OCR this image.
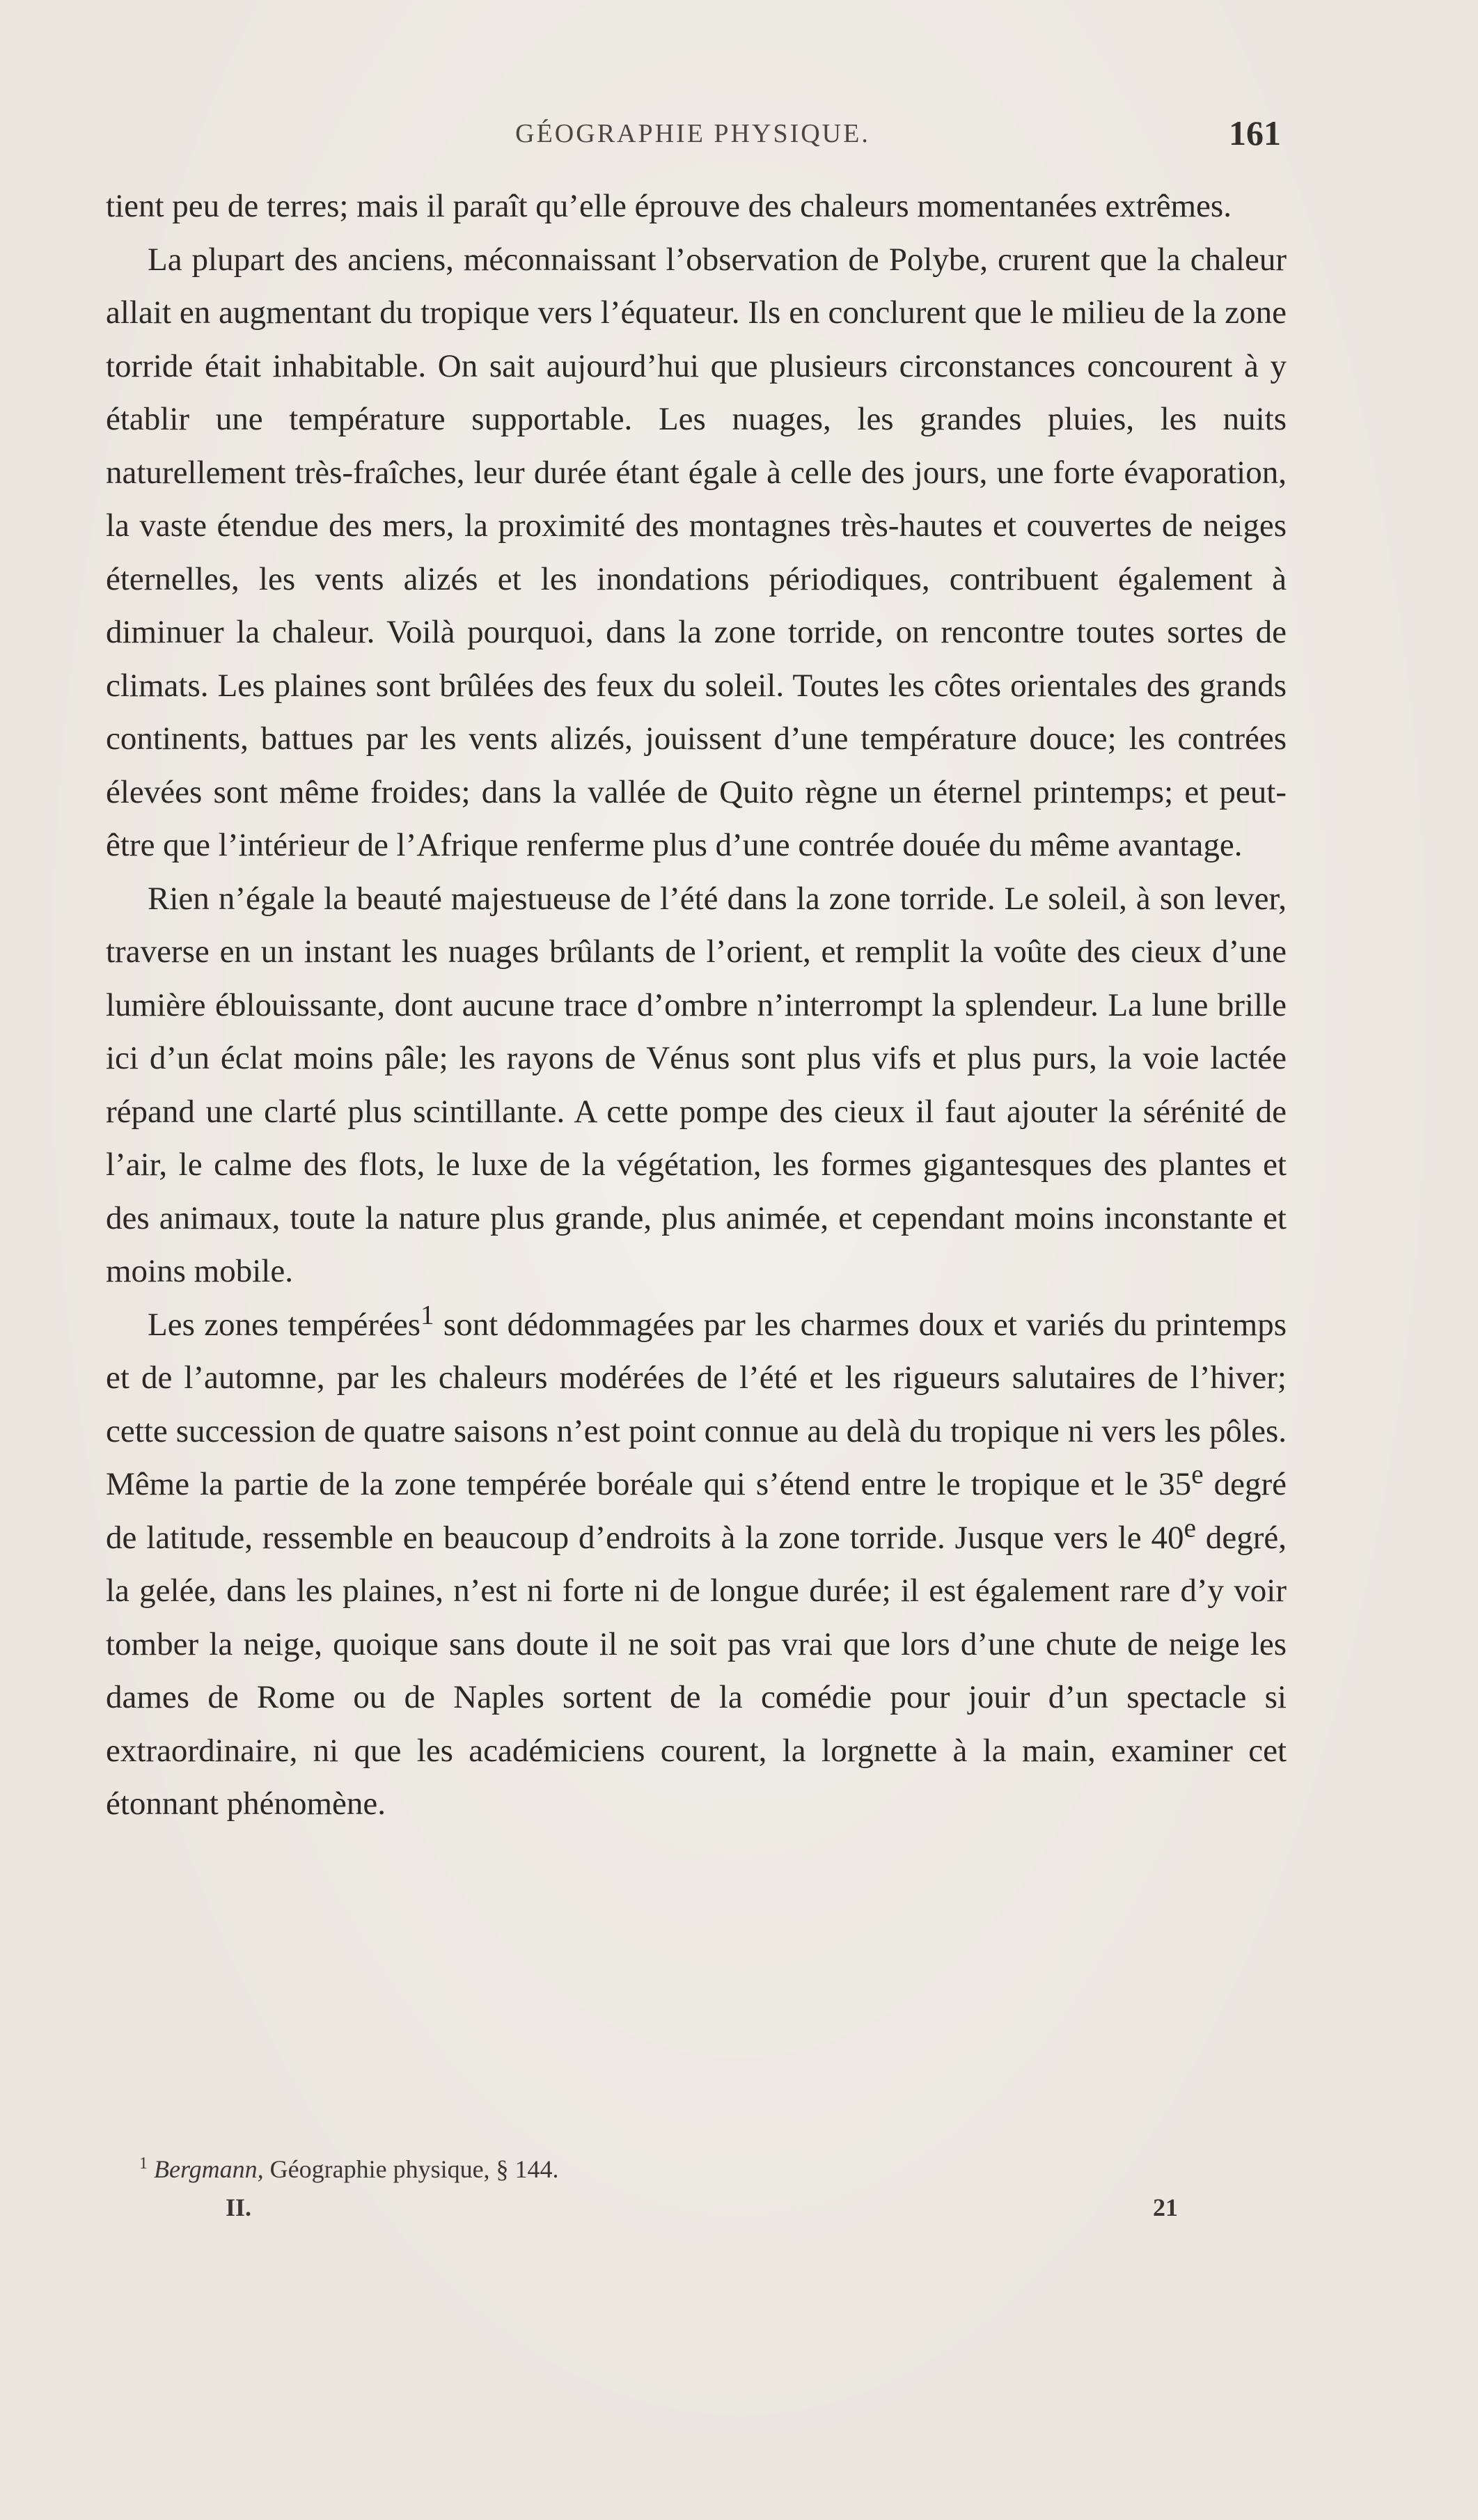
GÉOGRAPHIE PHYSIQUE.	161

tient peu de terres; mais il paraît qu’elle éprouve des chaleurs momentanées extrêmes.

La plupart des anciens, méconnaissant l’observation de Polybe, crurent que la chaleur allait en augmentant du tropique vers l’équateur. Ils en conclurent que le milieu de la zone torride était inhabitable. On sait aujourd’hui que plusieurs circonstances concourent à y établir une température supportable. Les nuages, les grandes pluies, les nuits naturellement très-fraîches, leur durée étant égale à celle des jours, une forte évaporation, la vaste étendue des mers, la proximité des montagnes très-hautes et couvertes de neiges éternelles, les vents alizés et les inondations périodiques, contribuent également à diminuer la chaleur. Voilà pourquoi, dans la zone torride, on rencontre toutes sortes de climats. Les plaines sont brûlées des feux du soleil. Toutes les côtes orientales des grands continents, battues par les vents alizés, jouissent d’une température douce; les contrées élevées sont même froides; dans la vallée de Quito règne un éternel printemps; et peut-être que l’intérieur de l’Afrique renferme plus d’une contrée douée du même avantage.

Rien n’égale la beauté majestueuse de l’été dans la zone torride. Le soleil, à son lever, traverse en un instant les nuages brûlants de l’orient, et remplit la voûte des cieux d’une lumière éblouissante, dont aucune trace d’ombre n’interrompt la splendeur. La lune brille ici d’un éclat moins pâle; les rayons de Vénus sont plus vifs et plus purs, la voie lactée répand une clarté plus scintillante. A cette pompe des cieux il faut ajouter la sérénité de l’air, le calme des flots, le luxe de la végétation, les formes gigantesques des plantes et des animaux, toute la nature plus grande, plus animée, et cependant moins inconstante et moins mobile.

Les zones tempérées$^1$ sont dédommagées par les charmes doux et variés du printemps et de l’automne, par les chaleurs modérées de l’été et les rigueurs salutaires de l’hiver; cette succession de quatre saisons n’est point connue au delà du tropique ni vers les pôles. Même la partie de la zone tempérée boréale qui s’étend entre le tropique et le 35e degré de latitude, ressemble en beaucoup d’endroits à la zone torride. Jusque vers le 40e degré, la gelée, dans les plaines, n’est ni forte ni de longue durée; il est également rare d’y voir tomber la neige, quoique sans doute il ne soit pas vrai que lors d’une chute de neige les dames de Rome ou de Naples sortent de la comédie pour jouir d’un spectacle si extraordinaire, ni que les académiciens courent, la lorgnette à la main, examiner cet étonnant phénomène.

$^1$ Bergmann, Géographie physique, § 144.
II.	21
